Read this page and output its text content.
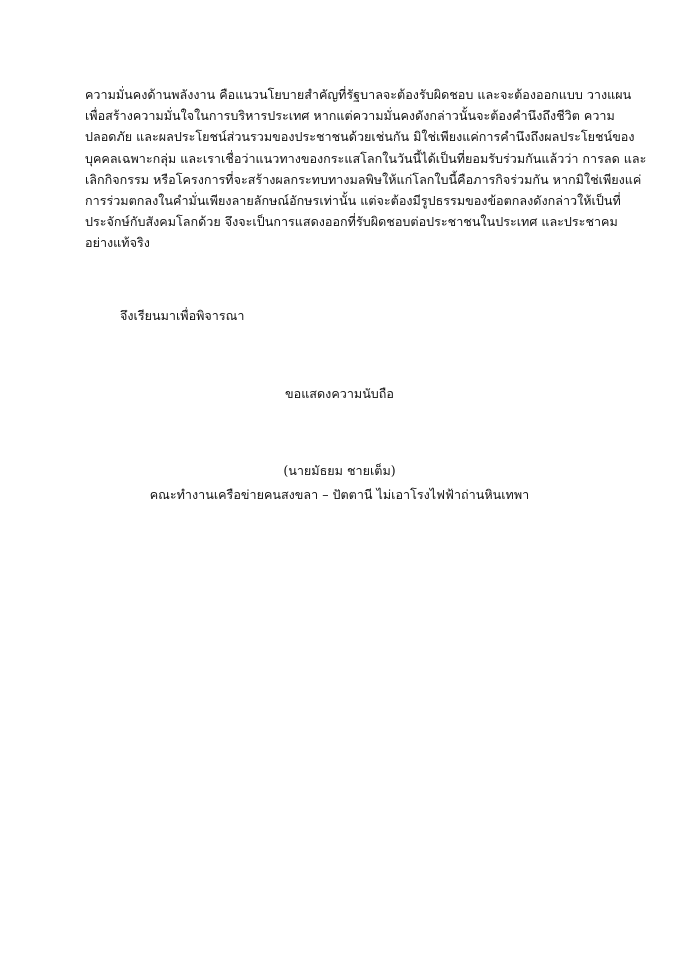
ความมั่นคงด้านพลังงาน คือแนวนโยบายสำคัญที่รัฐบาลจะต้องรับผิดชอบ และจะต้องออกแบบ วางแผน
เพื่อสร้างความมั่นใจในการบริหารประเทศ หากแต่ความมั่นคงดังกล่าวนั้นจะต้องคำนึงถึงชีวิต ความ
ปลอดภัย และผลประโยชน์ส่วนรวมของประชาชนด้วยเช่นกัน มิใช่เพียงแค่การคำนึงถึงผลประโยชน์ของ
บุคคลเฉพาะกลุ่ม และเราเชื่อว่าแนวทางของกระแสโลกในวันนี้ได้เป็นที่ยอมรับร่วมกันแล้วว่า การลด และ
เลิกกิจกรรม หรือโครงการที่จะสร้างผลกระทบทางมลพิษให้แก่โลกใบนี้คือภารกิจร่วมกัน หากมิใช่เพียงแค่
การร่วมตกลงในคำมั่นเพียงลายลักษณ์อักษรเท่านั้น แต่จะต้องมีรูปธรรมของข้อตกลงดังกล่าวให้เป็นที่
ประจักษ์กับสังคมโลกด้วย จึงจะเป็นการแสดงออกที่รับผิดชอบต่อประชาชนในประเทศ และประชาคม
อย่างแท้จริง

จึงเรียนมาเพื่อพิจารณา

ขอแสดงความนับถือ

(นายมัธยม ชายเต็ม)

คณะทำงานเครือข่ายคนสงขลา – ปัตตานี ไม่เอาโรงไฟฟ้าถ่านหินเทพา
